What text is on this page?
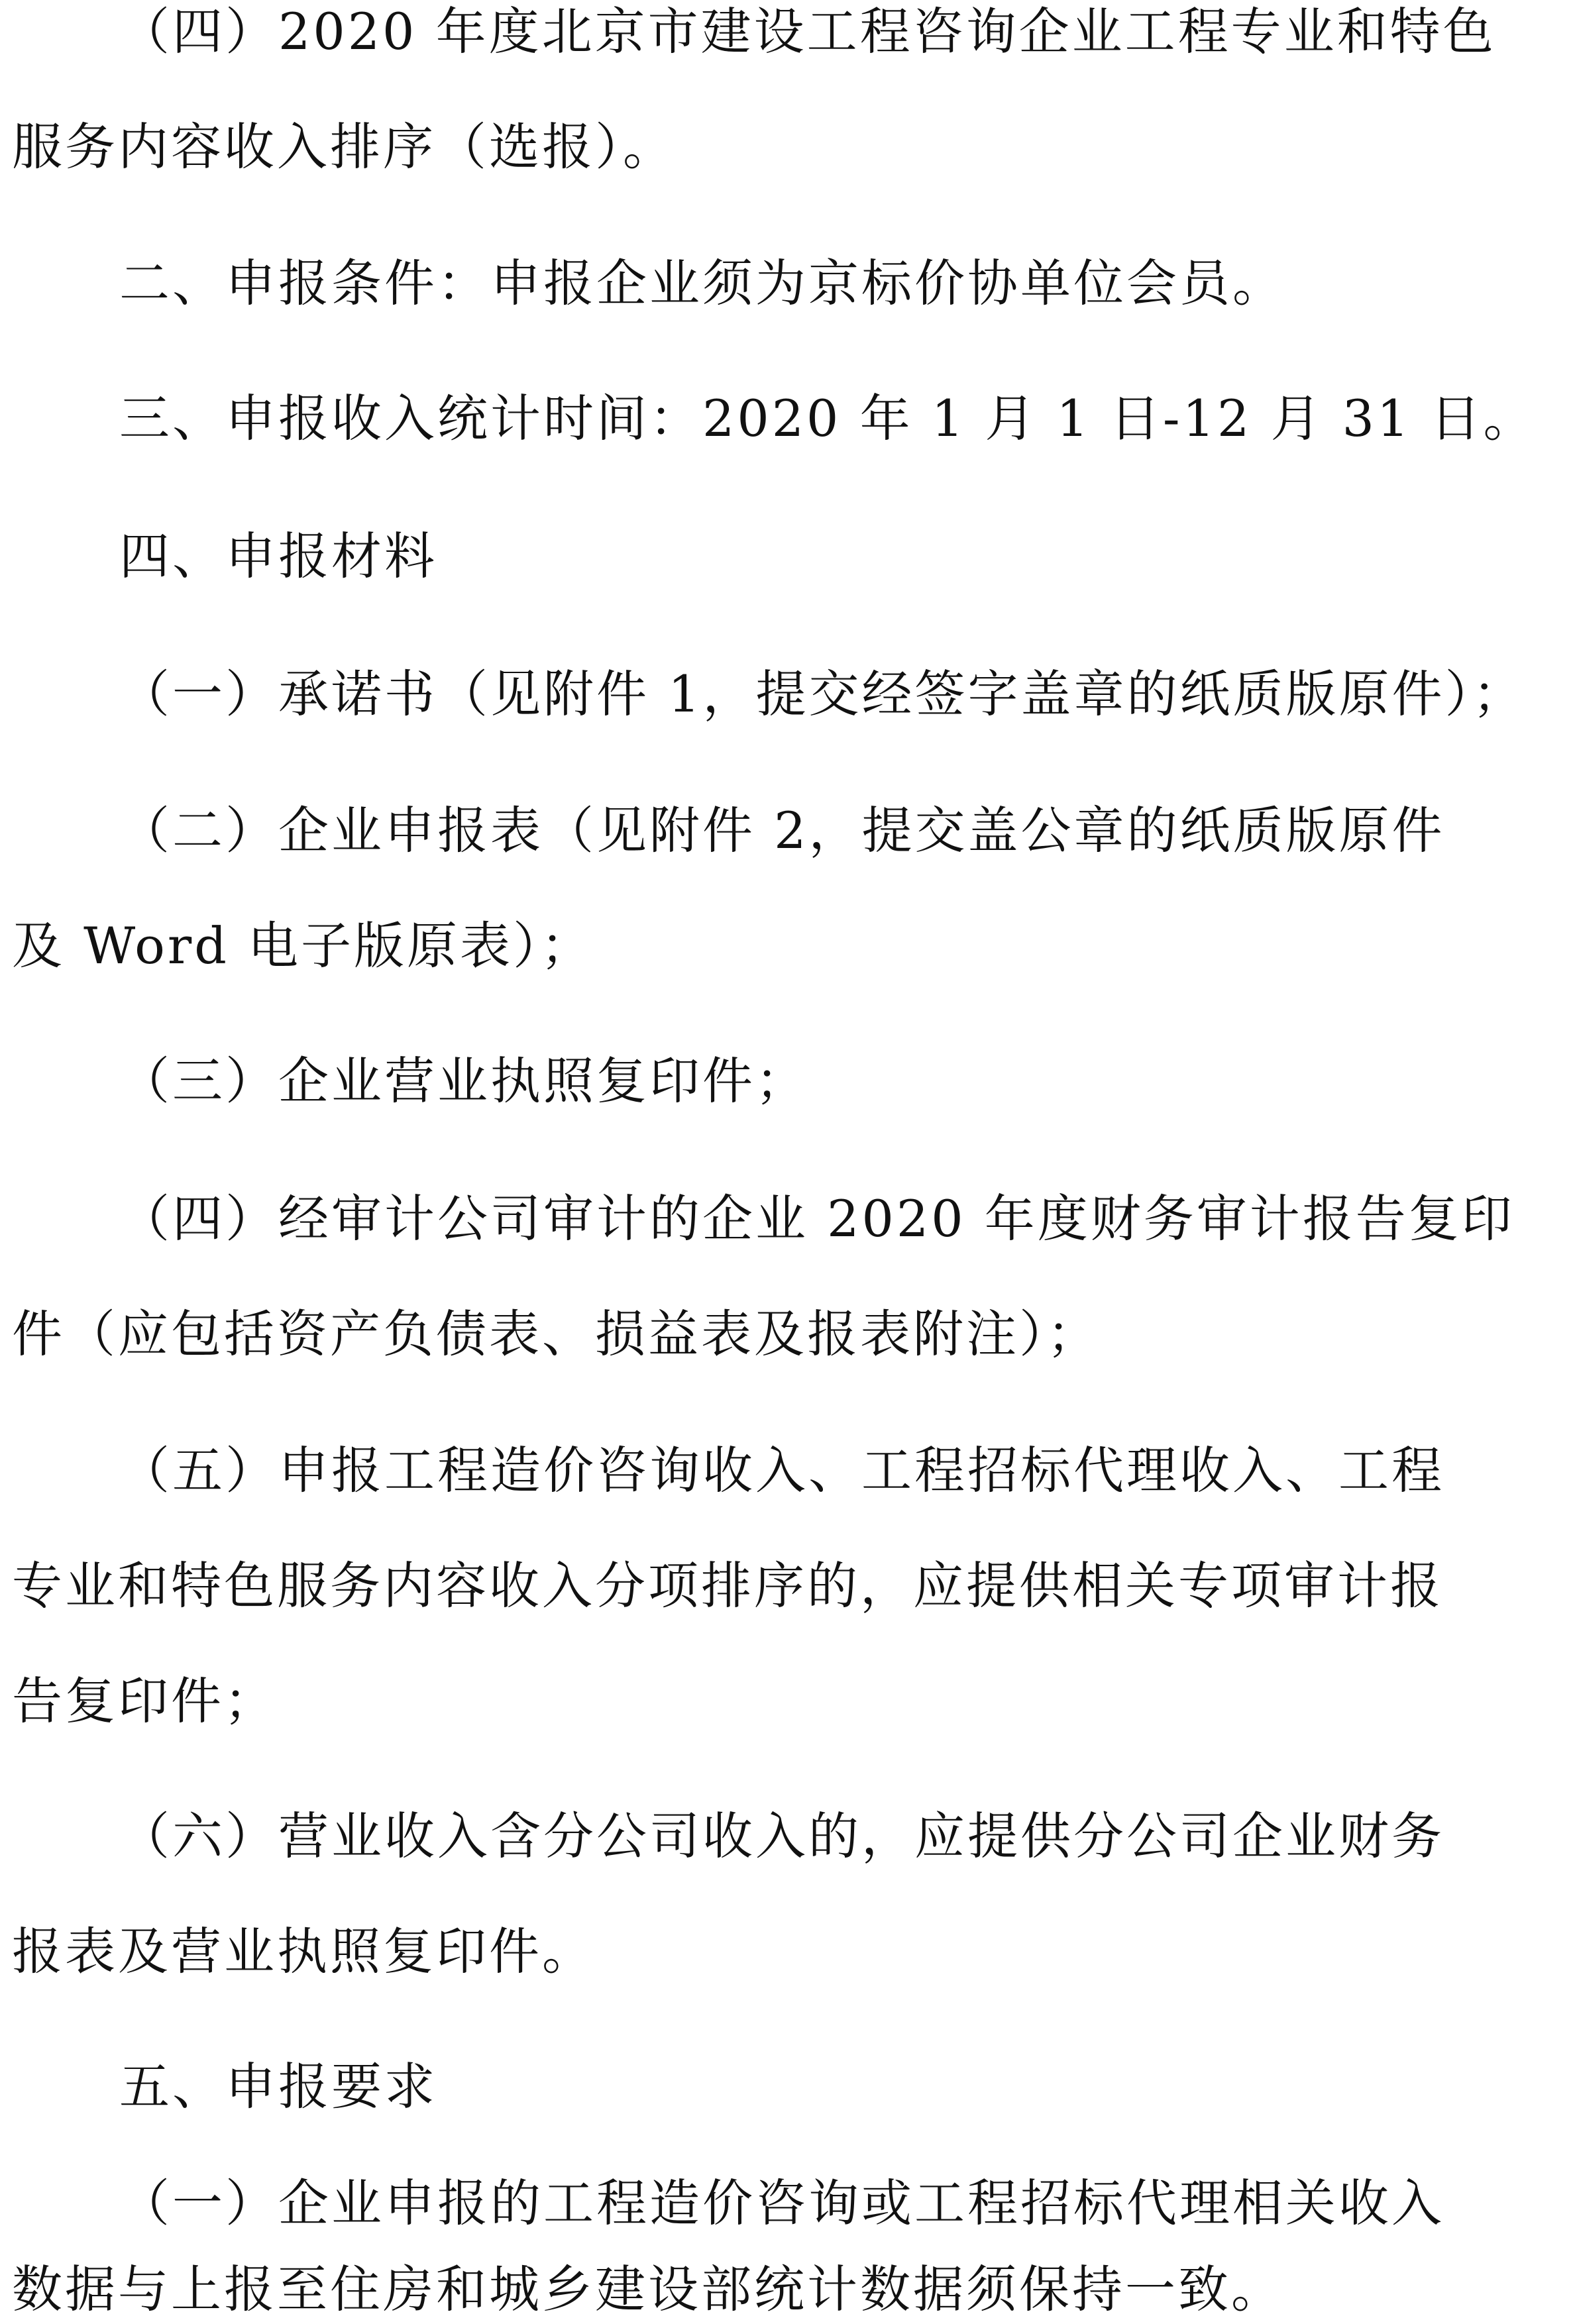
（四）2020 年度北京市建设工程咨询企业工程专业和特色
服务内容收入排序（选报）。
二、申报条件：申报企业须为京标价协单位会员。
三、申报收入统计时间：2020 年 1 月 1 日-12 月 31 日。
四、申报材料
（一）承诺书（见附件 1，提交经签字盖章的纸质版原件）；
（二）企业申报表（见附件 2，提交盖公章的纸质版原件
及 Word 电子版原表）；
（三）企业营业执照复印件；
（四）经审计公司审计的企业 2020 年度财务审计报告复印
件（应包括资产负债表、损益表及报表附注）；
（五）申报工程造价咨询收入、工程招标代理收入、工程
专业和特色服务内容收入分项排序的，应提供相关专项审计报
告复印件；
（六）营业收入含分公司收入的，应提供分公司企业财务
报表及营业执照复印件。
五、申报要求
（一）企业申报的工程造价咨询或工程招标代理相关收入
数据与上报至住房和城乡建设部统计数据须保持一致。
